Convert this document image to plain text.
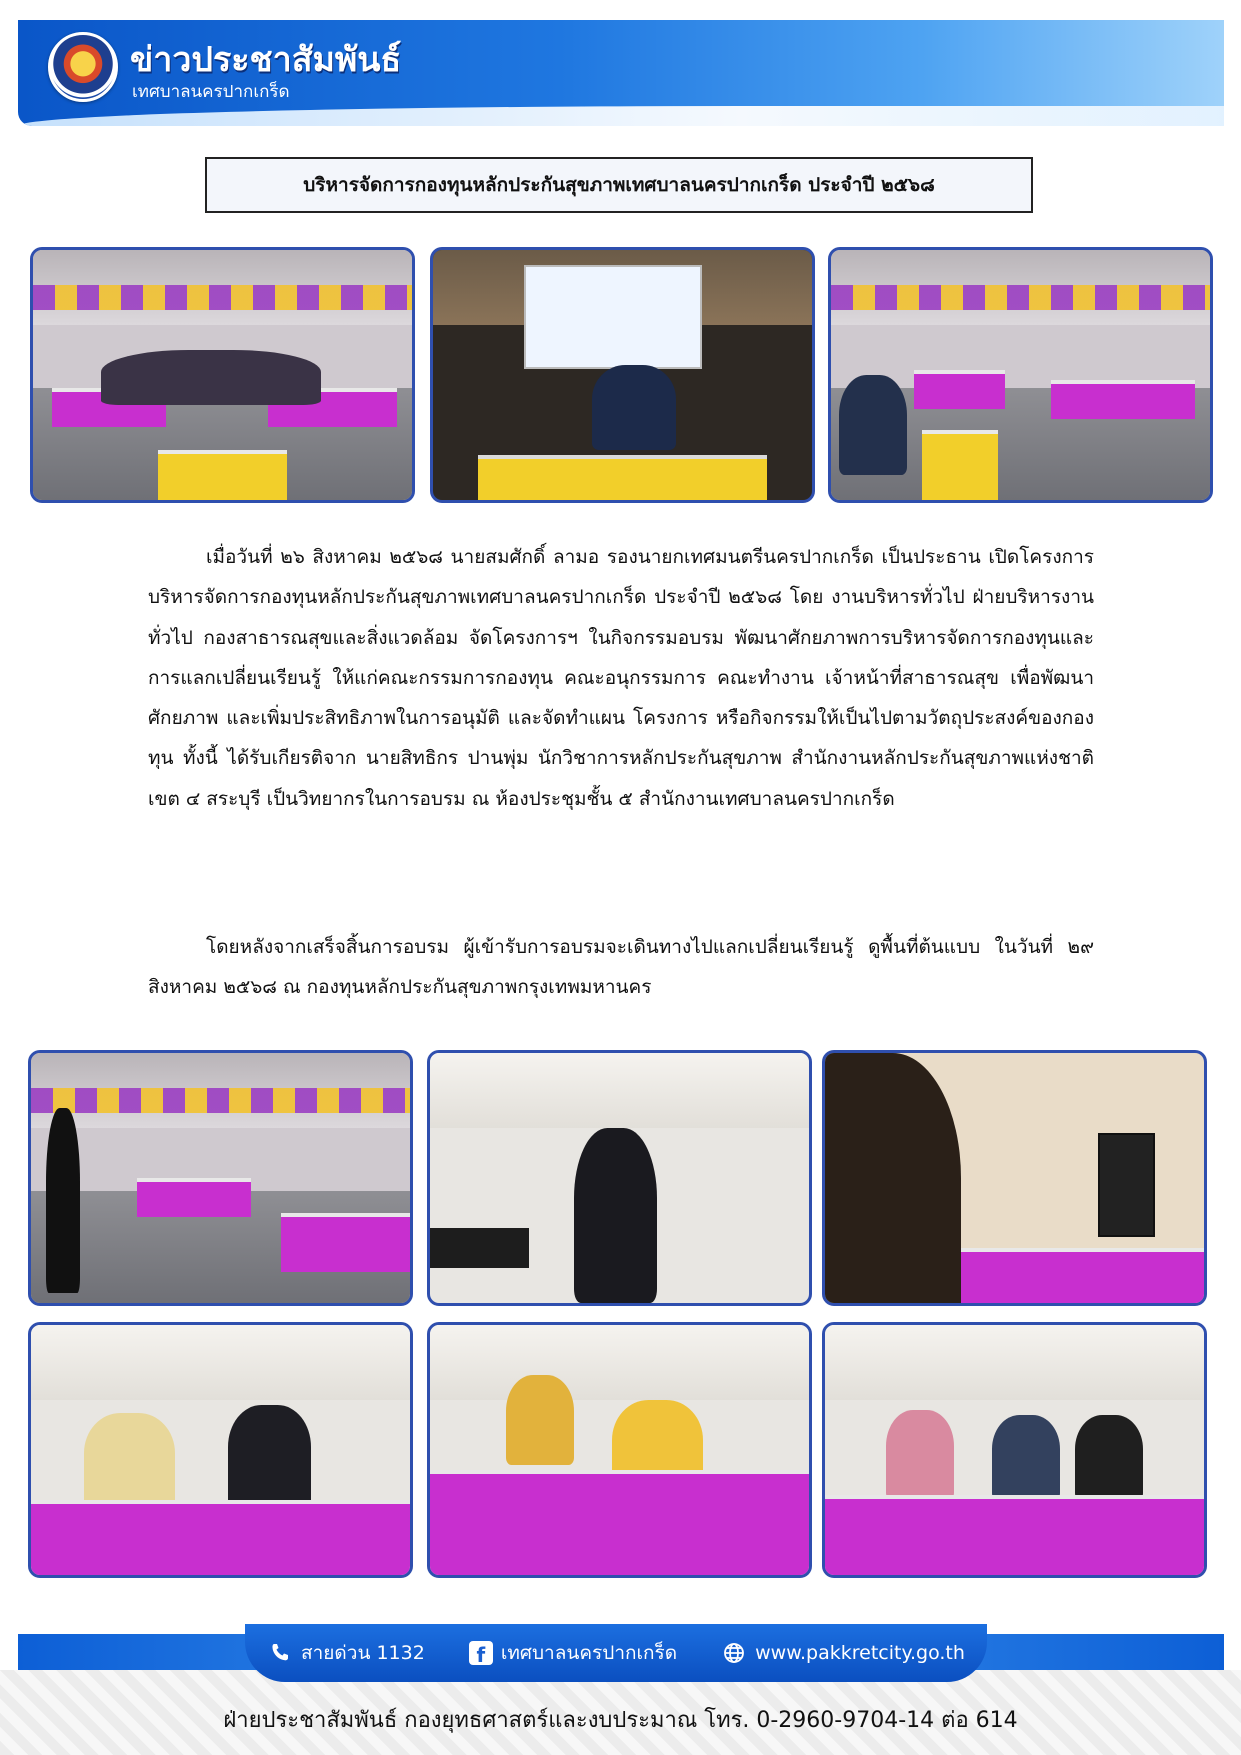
ข่าวประชาสัมพันธ์
เทศบาลนครปากเกร็ด
บริหารจัดการกองทุนหลักประกันสุขภาพเทศบาลนครปากเกร็ด ประจำปี ๒๕๖๘
เมื่อวันที่ ๒๖ สิงหาคม ๒๕๖๘ นายสมศักดิ์ ลามอ รองนายกเทศมนตรีนครปากเกร็ด เป็นประธาน เปิดโครงการบริหารจัดการกองทุนหลักประกันสุขภาพเทศบาลนครปากเกร็ด ประจำปี ๒๕๖๘ โดย งานบริหารทั่วไป ฝ่ายบริหารงานทั่วไป กองสาธารณสุขและสิ่งแวดล้อม จัดโครงการฯ ในกิจกรรมอบรม พัฒนาศักยภาพการบริหารจัดการกองทุนและการแลกเปลี่ยนเรียนรู้ ให้แก่คณะกรรมการกองทุน คณะอนุกรรมการ คณะทำงาน เจ้าหน้าที่สาธารณสุข เพื่อพัฒนาศักยภาพ และเพิ่มประสิทธิภาพในการอนุมัติ และจัดทำแผน โครงการ หรือกิจกรรมให้เป็นไปตามวัตถุประสงค์ของกองทุน ทั้งนี้ ได้รับเกียรติจาก นายสิทธิกร ปานพุ่ม นักวิชาการหลักประกันสุขภาพ สำนักงานหลักประกันสุขภาพแห่งชาติ เขต ๔ สระบุรี เป็นวิทยากรในการอบรม ณ ห้องประชุมชั้น ๕ สำนักงานเทศบาลนครปากเกร็ด
โดยหลังจากเสร็จสิ้นการอบรม ผู้เข้ารับการอบรมจะเดินทางไปแลกเปลี่ยนเรียนรู้ ดูพื้นที่ต้นแบบ ในวันที่ ๒๙ สิงหาคม ๒๕๖๘ ณ กองทุนหลักประกันสุขภาพกรุงเทพมหานคร
สายด่วน 1132	f เทศบาลนครปากเกร็ด	www.pakkretcity.go.th
ฝ่ายประชาสัมพันธ์ กองยุทธศาสตร์และงบประมาณ โทร. 0-2960-9704-14 ต่อ 614
